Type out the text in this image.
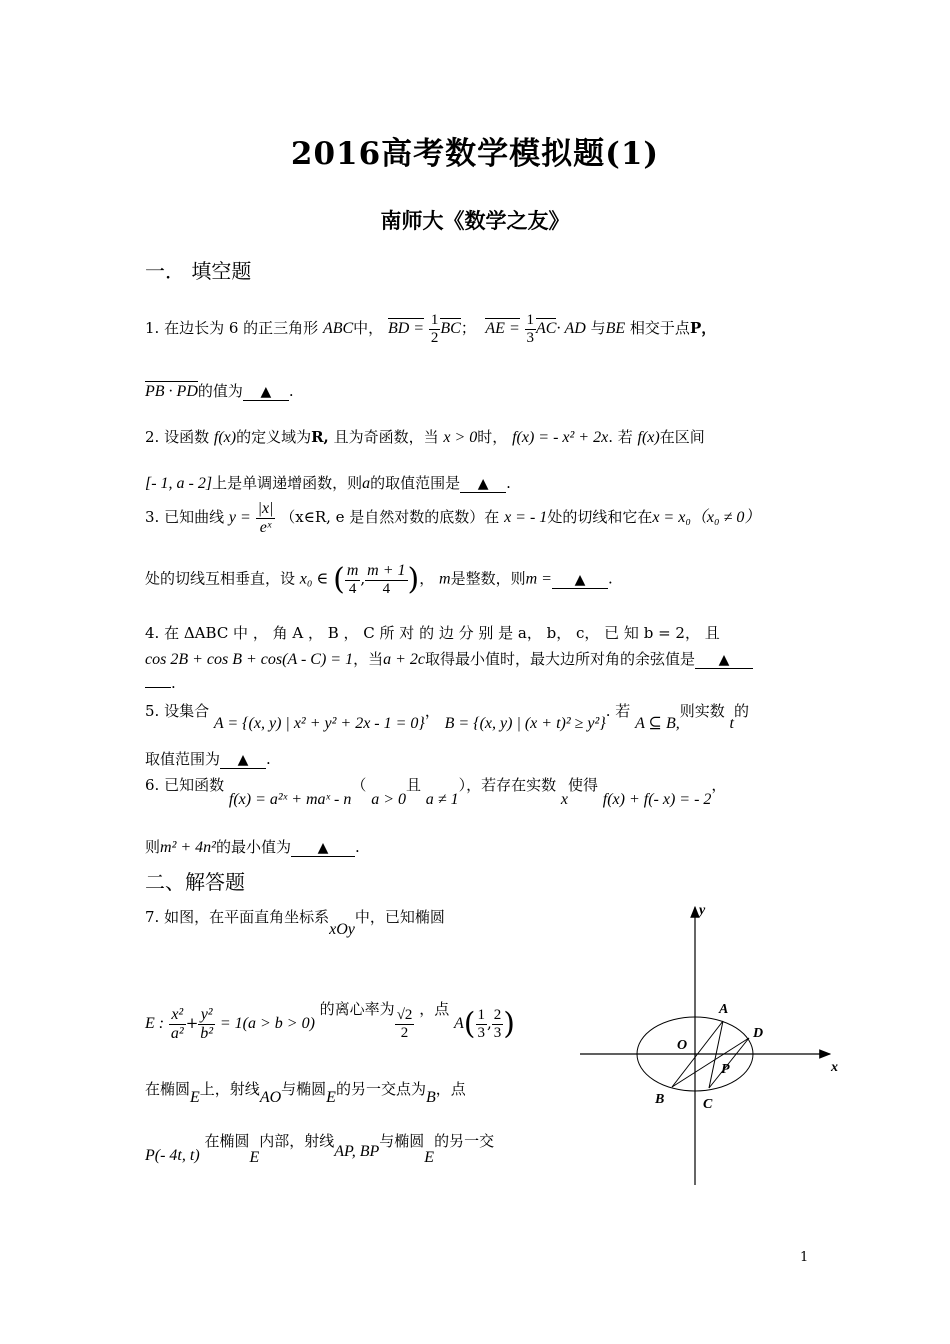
2016高考数学模拟题(1)
南师大《数学之友》
一． 填空题
1. 在边长为 6 的正三角形 ABC中， BD = $\frac{1}{2}$ BC； AE = $\frac{1}{3} AC\cdot$ AD 与BE 相交于点P，
PB · PD的值为 ▲ .
2. 设函数 f(x)的定义域为R, 且为奇函数，当 x > 0时， f(x) = - x² + 2x. 若 f(x)在区间
[- 1, a - 2]上是单调递增函数，则a的取值范围是 ▲ .
3. 已知曲线 $y = \frac{|x|}{\text{eˣ}}$ （x∈R, e 是自然对数的底数）在 x = - 1处的切线和它在x = x₀（x₀ ≠ 0）
处的切线互相垂直，设 x₀ ∈ ( $\frac{m}{4}$ , $\frac{m + 1}{4}$ )， m是整数，则m = ▲ .
4. 在 ΔABC 中 ， 角 A ， B ， C 所 对 的 边 分 别 是 a， b， c， 已 知 b = 2， 且
cos 2B + cos B + cos(A - C) = 1，当a + 2c取得最小值时，最大边所对角的余弦值是 ▲
.
5. 设集合 A = {(x, y) | x² + y² + 2x - 1 = 0}， B = {(x, y) | (x + t)² ≥ y²}. 若 A ⊆ B,则实数 t的
取值范围为 ▲ .
6. 已知函数 f(x) = a²ˣ + maˣ - n（ a > 0且 a ≠ 1），若存在实数 x使得 f(x) + f(- x) = - 2，
则m² + 4n²的最小值为 ▲ .
二、解答题
7. 如图，在平面直角坐标系xOy中，已知椭圆
E : $\frac{\text{x²}}{\text{a²}} + \frac{\text{y²}}{\text{b²}} = 1(a > b > 0)$ 的离心率为 $\frac{√2}{2}$ ，点 $A( \frac{1}{3}$ , $\frac{2}{3}$ )
在椭圆E上，射线AO与椭圆E的另一交点为B，点
P(- 4t, t) 在椭圆E内部，射线AP, BP与椭圆E的另一交
y
x
O
A
D
P
B	C
1
